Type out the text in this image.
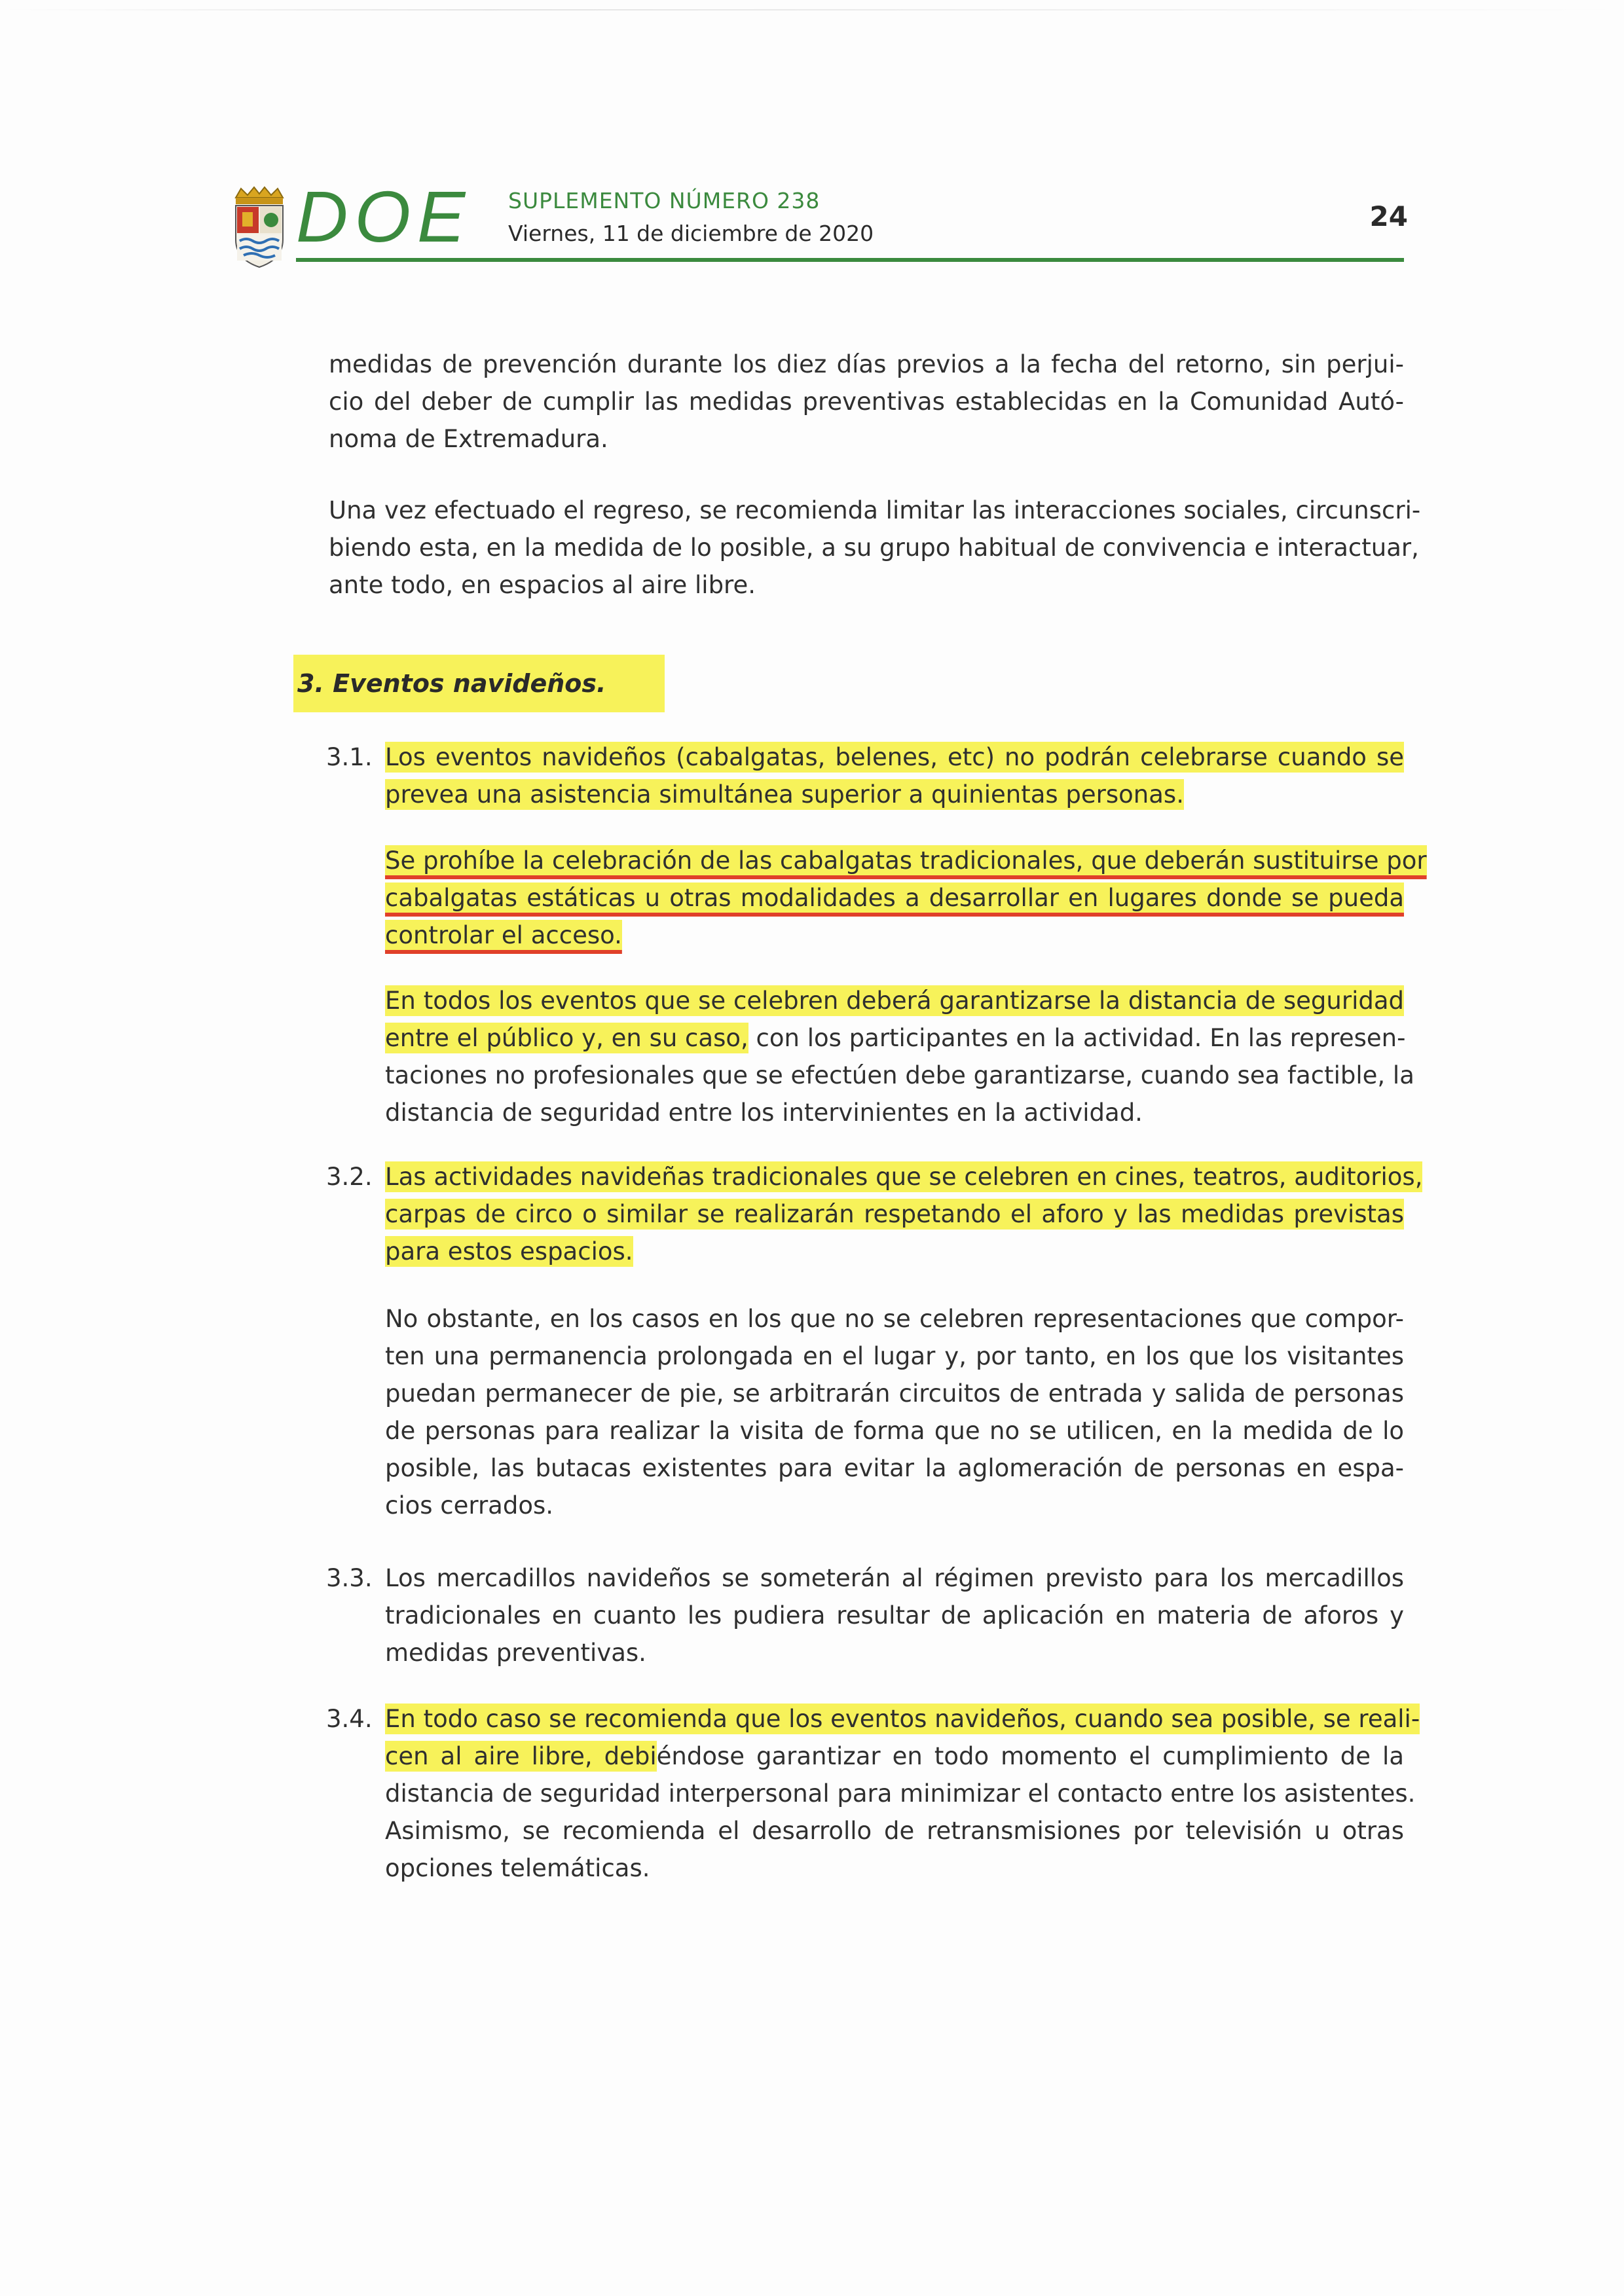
DOE SUPLEMENTO NÚMERO 238
Viernes, 11 de diciembre de 2020
24
medidas de prevención durante los diez días previos a la fecha del retorno, sin perjui-
cio del deber de cumplir las medidas preventivas establecidas en la Comunidad Autó-
noma de Extremadura.
Una vez efectuado el regreso, se recomienda limitar las interacciones sociales, circunscri-
biendo esta, en la medida de lo posible, a su grupo habitual de convivencia e interactuar,
ante todo, en espacios al aire libre.
3. Eventos navideños.
3.1. Los eventos navideños (cabalgatas, belenes, etc) no podrán celebrarse cuando se
prevea una asistencia simultánea superior a quinientas personas.
Se prohíbe la celebración de las cabalgatas tradicionales, que deberán sustituirse por
cabalgatas estáticas u otras modalidades a desarrollar en lugares donde se pueda
controlar el acceso.
En todos los eventos que se celebren deberá garantizarse la distancia de seguridad
entre el público y, en su caso, con los participantes en la actividad. En las represen-
taciones no profesionales que se efectúen debe garantizarse, cuando sea factible, la
distancia de seguridad entre los intervinientes en la actividad.
3.2. Las actividades navideñas tradicionales que se celebren en cines, teatros, auditorios,
carpas de circo o similar se realizarán respetando el aforo y las medidas previstas
para estos espacios.
No obstante, en los casos en los que no se celebren representaciones que compor-
ten una permanencia prolongada en el lugar y, por tanto, en los que los visitantes
puedan permanecer de pie, se arbitrarán circuitos de entrada y salida de personas
de personas para realizar la visita de forma que no se utilicen, en la medida de lo
posible, las butacas existentes para evitar la aglomeración de personas en espa-
cios cerrados.
3.3. Los mercadillos navideños se someterán al régimen previsto para los mercadillos
tradicionales en cuanto les pudiera resultar de aplicación en materia de aforos y
medidas preventivas.
3.4. En todo caso se recomienda que los eventos navideños, cuando sea posible, se reali-
cen al aire libre, debiéndose garantizar en todo momento el cumplimiento de la
distancia de seguridad interpersonal para minimizar el contacto entre los asistentes.
Asimismo, se recomienda el desarrollo de retransmisiones por televisión u otras
opciones telemáticas.
